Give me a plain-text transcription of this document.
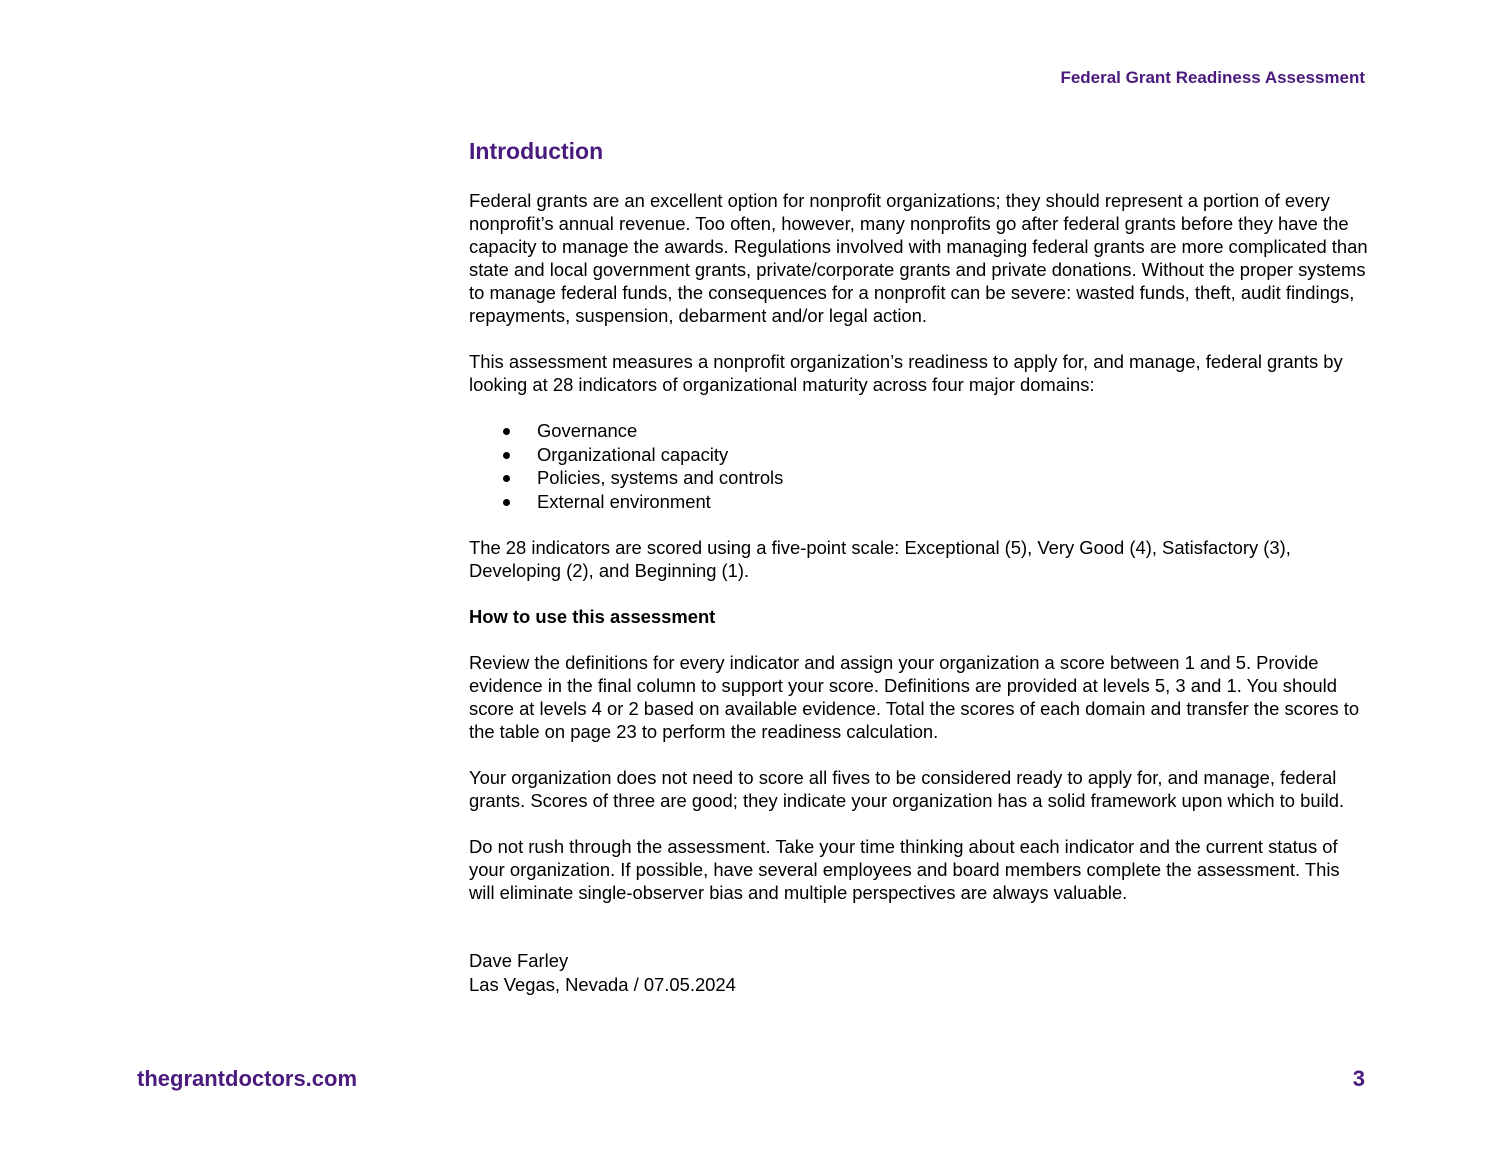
Federal Grant Readiness Assessment
Introduction

Federal grants are an excellent option for nonprofit organizations; they should represent a portion of every nonprofit’s annual revenue. Too often, however, many nonprofits go after federal grants before they have the capacity to manage the awards. Regulations involved with managing federal grants are more complicated than state and local government grants, private/corporate grants and private donations. Without the proper systems to manage federal funds, the consequences for a nonprofit can be severe: wasted funds, theft, audit findings, repayments, suspension, debarment and/or legal action.

This assessment measures a nonprofit organization’s readiness to apply for, and manage, federal grants by looking at 28 indicators of organizational maturity across four major domains:

Governance
Organizational capacity
Policies, systems and controls
External environment

The 28 indicators are scored using a five-point scale: Exceptional (5), Very Good (4), Satisfactory (3), Developing (2), and Beginning (1).

How to use this assessment

Review the definitions for every indicator and assign your organization a score between 1 and 5. Provide evidence in the final column to support your score. Definitions are provided at levels 5, 3 and 1. You should score at levels 4 or 2 based on available evidence. Total the scores of each domain and transfer the scores to the table on page 23 to perform the readiness calculation.

Your organization does not need to score all fives to be considered ready to apply for, and manage, federal grants. Scores of three are good; they indicate your organization has a solid framework upon which to build.

Do not rush through the assessment. Take your time thinking about each indicator and the current status of your organization. If possible, have several employees and board members complete the assessment. This will eliminate single-observer bias and multiple perspectives are always valuable.

Dave Farley
Las Vegas, Nevada / 07.05.2024
thegrantdoctors.com	3
